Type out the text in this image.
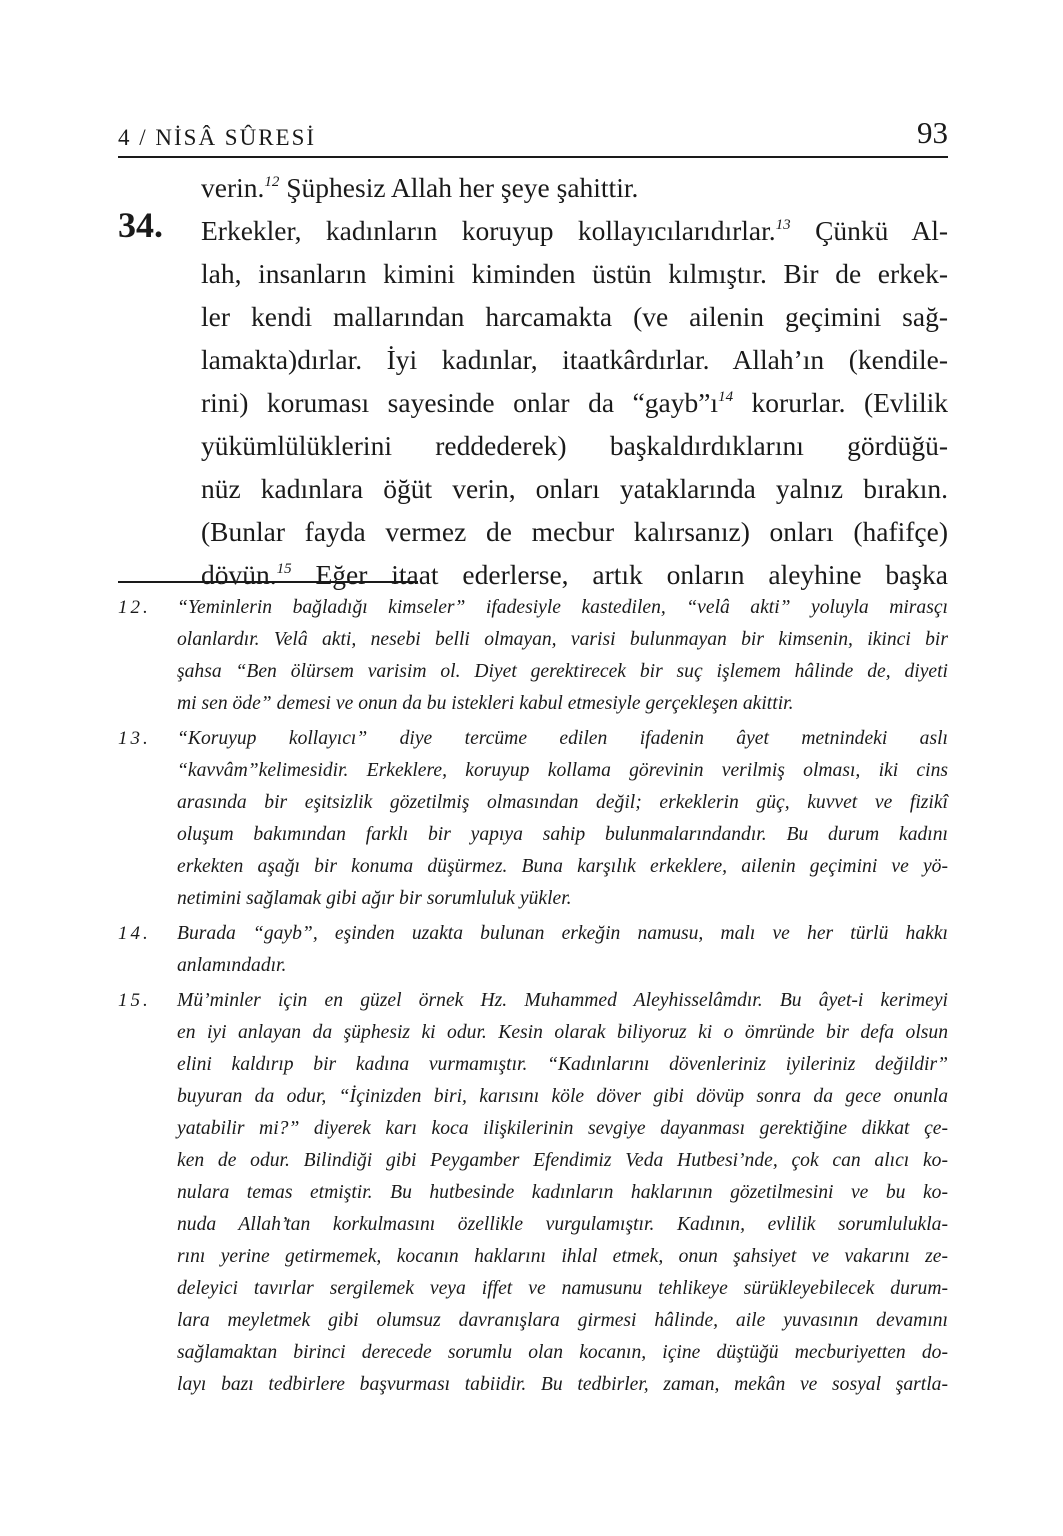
4 / NİSÂ SÛRESİ	93
34.
verin.$^{12}$ Şüphesiz Allah her şeye şahittir.
Erkekler, kadınların koruyup kollayıcılarıdırlar.$^{13}$ Çünkü Al-
lah, insanların kimini kiminden üstün kılmıştır. Bir de erkek-
ler kendi mallarından harcamakta (ve ailenin geçimini sağ-
lamakta)dırlar. İyi kadınlar, itaatkârdırlar. Allah’ın (kendile-
rini) koruması sayesinde onlar da “$gayb”ı^{14}$ korurlar. (Evlilik
yükümlülüklerini reddederek) başkaldırdıklarını gördüğü-
nüz kadınlara öğüt verin, onları yataklarında yalnız bırakın.
(Bunlar fayda vermez de mecbur kalırsanız) onları (hafifçe)
dövün.$^{15}$ Eğer itaat ederlerse, artık onların aleyhine başka
12.	“Yeminlerin bağladığı kimseler” ifadesiyle kastedilen, “velâ akti” yoluyla mirasçı
olanlardır. Velâ akti, nesebi belli olmayan, varisi bulunmayan bir kimsenin, ikinci bir
şahsa “Ben ölürsem varisim ol. Diyet gerektirecek bir suç işlemem hâlinde de, diyeti
mi sen öde” demesi ve onun da bu istekleri kabul etmesiyle gerçekleşen akittir.
13.	“Koruyup kollayıcı” diye tercüme edilen ifadenin âyet metnindeki aslı
“kavvâm”kelimesidir. Erkeklere, koruyup kollama görevinin verilmiş olması, iki cins
arasında bir eşitsizlik gözetilmiş olmasından değil; erkeklerin güç, kuvvet ve fizikî
oluşum bakımından farklı bir yapıya sahip bulunmalarındandır. Bu durum kadını
erkekten aşağı bir konuma düşürmez. Buna karşılık erkeklere, ailenin geçimini ve yö-
netimini sağlamak gibi ağır bir sorumluluk yükler.
14.	Burada “gayb”, eşinden uzakta bulunan erkeğin namusu, malı ve her türlü hakkı
anlamındadır.
15.	Mü’minler için en güzel örnek Hz. Muhammed Aleyhisselâmdır. Bu âyet-i kerimeyi
en iyi anlayan da şüphesiz ki odur. Kesin olarak biliyoruz ki o ömründe bir defa olsun
elini kaldırıp bir kadına vurmamıştır. “Kadınlarını dövenleriniz iyileriniz değildir”
buyuran da odur, “İçinizden biri, karısını köle döver gibi dövüp sonra da gece onunla
yatabilir mi?” diyerek karı koca ilişkilerinin sevgiye dayanması gerektiğine dikkat çe-
ken de odur. Bilindiği gibi Peygamber Efendimiz Veda Hutbesi’nde, çok can alıcı ko-
nulara temas etmiştir. Bu hutbesinde kadınların haklarının gözetilmesini ve bu ko-
nuda Allah’tan korkulmasını özellikle vurgulamıştır. Kadının, evlilik sorumlulukla-
rını yerine getirmemek, kocanın haklarını ihlal etmek, onun şahsiyet ve vakarını ze-
deleyici tavırlar sergilemek veya iffet ve namusunu tehlikeye sürükleyebilecek durum-
lara meyletmek gibi olumsuz davranışlara girmesi hâlinde, aile yuvasının devamını
sağlamaktan birinci derecede sorumlu olan kocanın, içine düştüğü mecburiyetten do-
layı bazı tedbirlere başvurması tabiidir. Bu tedbirler, zaman, mekân ve sosyal şartla-
